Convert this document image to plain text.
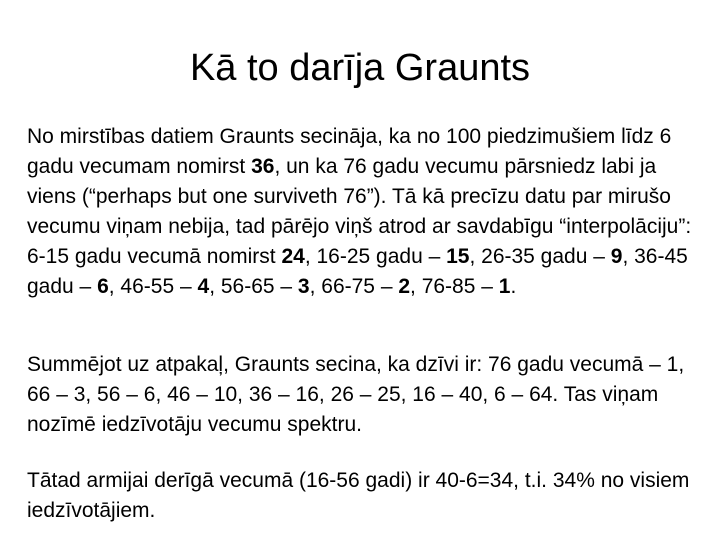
Kā to darīja Graunts
No mirstības datiem Graunts secināja, ka no 100 piedzimušiem līdz 6 gadu vecumam nomirst 36, un ka 76 gadu vecumu pārsniedz labi ja viens (“perhaps but one surviveth 76”). Tā kā precīzu datu par mirušo vecumu viņam nebija, tad pārējo viņš atrod ar savdabīgu “interpolāciju”: 6-15 gadu vecumā nomirst 24, 16-25 gadu – 15, 26-35 gadu – 9, 36-45 gadu – 6, 46-55 – 4, 56-65 – 3, 66-75 – 2, 76-85 – 1.
Summējot uz atpakaļ, Graunts secina, ka dzīvi ir: 76 gadu vecumā – 1, 66 – 3, 56 – 6, 46 – 10, 36 – 16, 26 – 25, 16 – 40, 6 – 64. Tas viņam nozīmē iedzīvotāju vecumu spektru.
Tātad armijai derīgā vecumā (16-56 gadi) ir 40-6=34, t.i. 34% no visiem iedzīvotājiem.
